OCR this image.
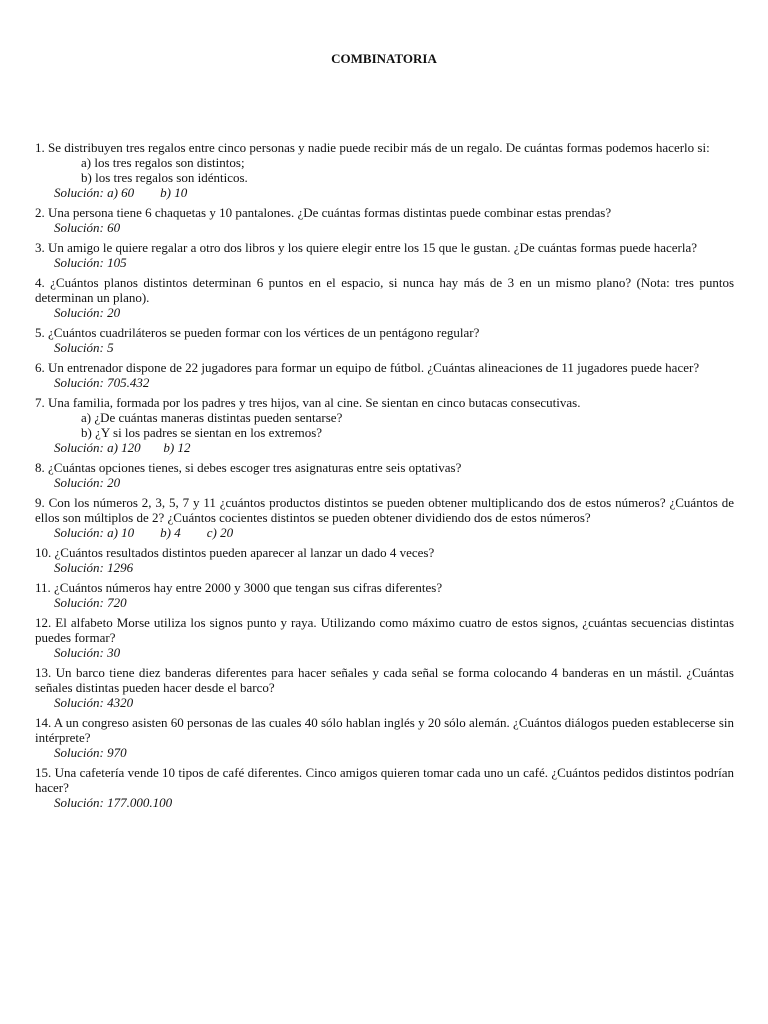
COMBINATORIA
1. Se distribuyen tres regalos entre cinco personas y nadie puede recibir más de un regalo. De cuántas formas podemos hacerlo si:
a) los tres regalos son distintos;
b) los tres regalos son idénticos.
Solución: a) 60        b) 10
2. Una persona tiene 6 chaquetas y 10 pantalones. ¿De cuántas formas distintas puede combinar estas prendas?
Solución: 60
3. Un amigo le quiere regalar a otro dos libros y los quiere elegir entre los 15 que le gustan. ¿De cuántas formas puede hacerla?
Solución: 105
4. ¿Cuántos planos distintos determinan 6 puntos en el espacio, si nunca hay más de 3 en un mismo plano? (Nota: tres puntos determinan un plano).
Solución: 20
5. ¿Cuántos cuadriláteros se pueden formar con los vértices de un pentágono regular?
Solución: 5
6. Un entrenador dispone de 22 jugadores para formar un equipo de fútbol. ¿Cuántas alineaciones de 11 jugadores puede hacer?
Solución: 705.432
7. Una familia, formada por los padres y tres hijos, van al cine. Se sientan en cinco butacas consecutivas.
a) ¿De cuántas maneras distintas pueden sentarse?
b) ¿Y si los padres se sientan en los extremos?
Solución: a) 120       b) 12
8. ¿Cuántas opciones tienes, si debes escoger tres asignaturas entre seis optativas?
Solución: 20
9. Con los números 2, 3, 5, 7 y 11 ¿cuántos productos distintos se pueden obtener multiplicando dos de estos números? ¿Cuántos de ellos son múltiplos de 2? ¿Cuántos cocientes distintos se pueden obtener dividiendo dos de estos números?
Solución: a) 10        b) 4        c) 20
10. ¿Cuántos resultados distintos pueden aparecer al lanzar un dado 4 veces?
Solución: 1296
11. ¿Cuántos números hay entre 2000 y 3000 que tengan sus cifras diferentes?
Solución: 720
12. El alfabeto Morse utiliza los signos punto y raya. Utilizando como máximo cuatro de estos signos, ¿cuántas secuencias distintas puedes formar?
Solución: 30
13. Un barco tiene diez banderas diferentes para hacer señales y cada señal se forma colocando 4 banderas en un mástil. ¿Cuántas señales distintas pueden hacer desde el barco?
Solución: 4320
14. A un congreso asisten 60 personas de las cuales 40 sólo hablan inglés y 20 sólo alemán. ¿Cuántos diálogos pueden establecerse sin intérprete?
Solución: 970
15. Una cafetería vende 10 tipos de café diferentes. Cinco amigos quieren tomar cada uno un café. ¿Cuántos pedidos distintos podrían hacer?
Solución: 177.000.100
